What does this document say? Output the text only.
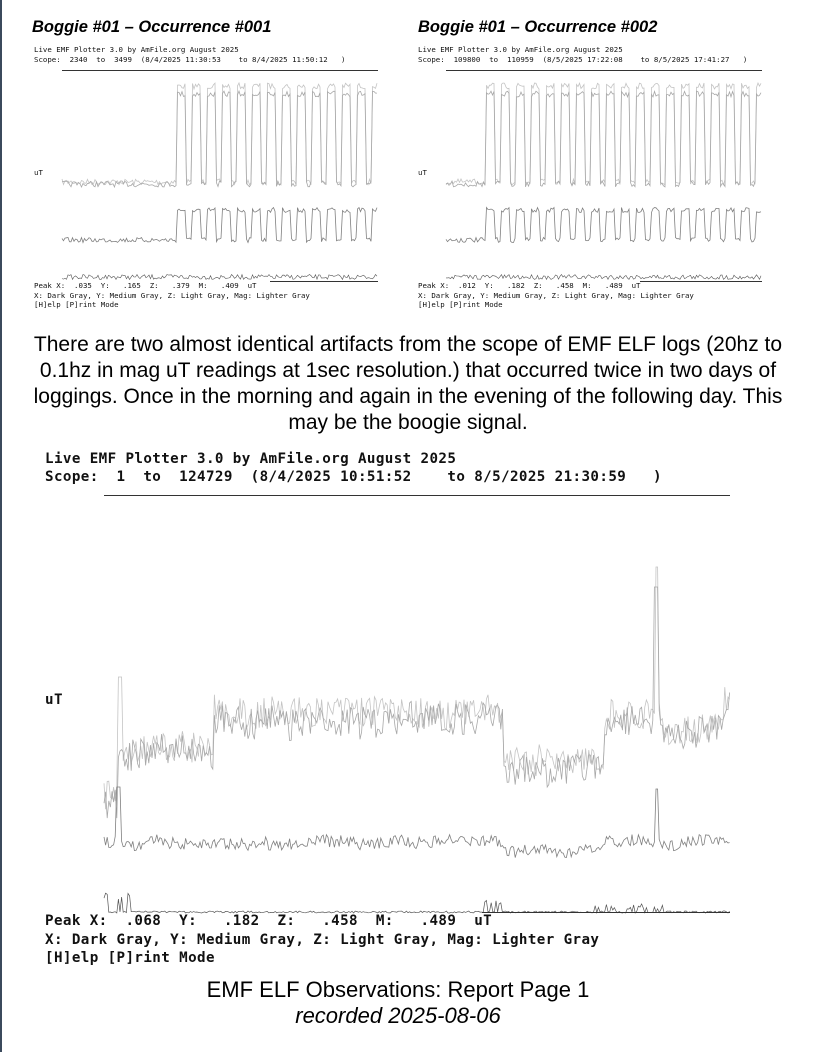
Boggie #01 – Occurrence #001
Live EMF Plotter 3.0 by AmFile.org August 2025
Scope:  2340  to  3499  (8/4/2025 11:30:53    to 8/4/2025 11:50:12   )
uT
Peak X:  .035  Y:   .165  Z:   .379  M:   .409  uT
X: Dark Gray, Y: Medium Gray, Z: Light Gray, Mag: Lighter Gray
[H]elp [P]rint Mode
Boggie #01 – Occurrence #002
Live EMF Plotter 3.0 by AmFile.org August 2025
Scope:  109800  to  110959  (8/5/2025 17:22:08    to 8/5/2025 17:41:27   )
uT
Peak X:  .012  Y:   .182  Z:   .458  M:   .489  uT
X: Dark Gray, Y: Medium Gray, Z: Light Gray, Mag: Lighter Gray
[H]elp [P]rint Mode
There are two almost identical artifacts from the scope of EMF ELF logs (20hz to 0.1hz in mag uT readings at 1sec resolution.) that occurred twice in two days of loggings. Once in the morning and again in the evening of the following day. This may be the boogie signal.
Live EMF Plotter 3.0 by AmFile.org August 2025
Scope:  1  to  124729  (8/4/2025 10:51:52    to 8/5/2025 21:30:59   )
uT
Peak X:  .068  Y:   .182  Z:   .458  M:   .489  uT
X: Dark Gray, Y: Medium Gray, Z: Light Gray, Mag: Lighter Gray
[H]elp [P]rint Mode
EMF ELF Observations: Report Page 1
recorded 2025-08-06
